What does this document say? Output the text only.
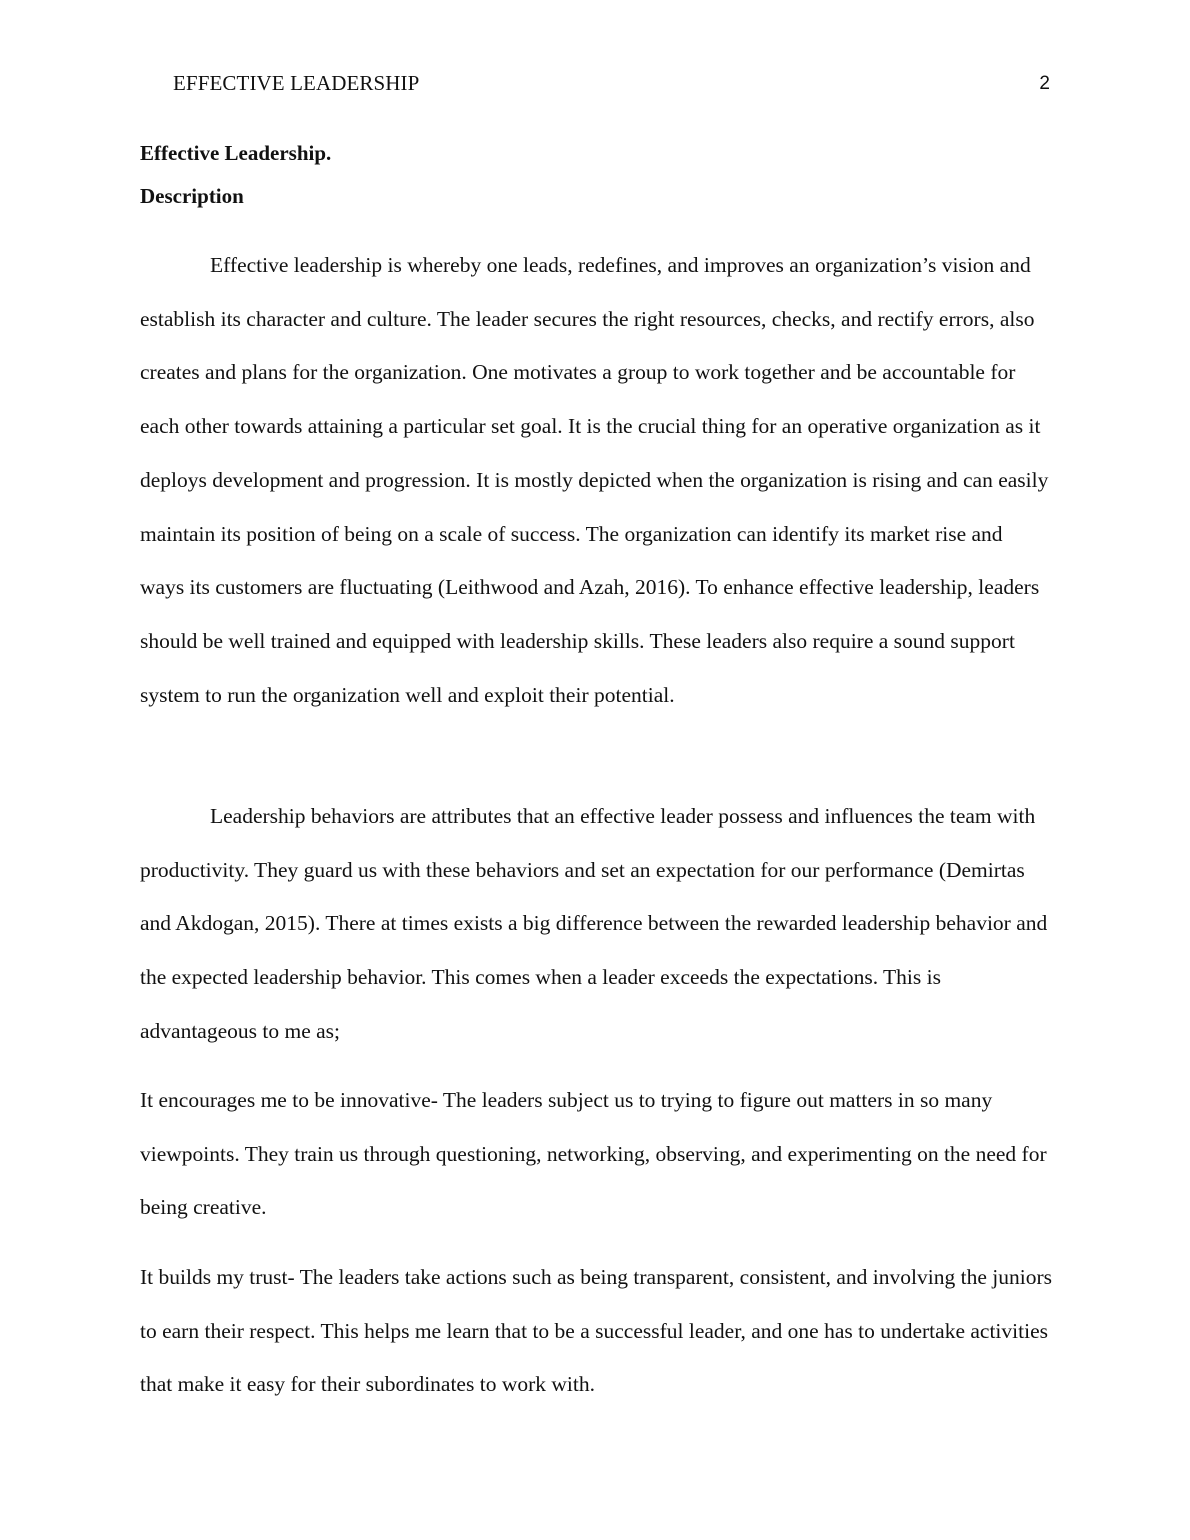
EFFECTIVE LEADERSHIP	2
Effective Leadership.
Description

Effective leadership is whereby one leads, redefines, and improves an organization’s vision and establish its character and culture. The leader secures the right resources, checks, and rectify errors, also creates and plans for the organization. One motivates a group to work together and be accountable for each other towards attaining a particular set goal. It is the crucial thing for an operative organization as it deploys development and progression. It is mostly depicted when the organization is rising and can easily maintain its position of being on a scale of success. The organization can identify its market rise and ways its customers are fluctuating (Leithwood and Azah, 2016). To enhance effective leadership, leaders should be well trained and equipped with leadership skills. These leaders also require a sound support system to run the organization well and exploit their potential.

Leadership behaviors are attributes that an effective leader possess and influences the team with productivity. They guard us with these behaviors and set an expectation for our performance (Demirtas and Akdogan, 2015). There at times exists a big difference between the rewarded leadership behavior and the expected leadership behavior. This comes when a leader exceeds the expectations. This is advantageous to me as;

It encourages me to be innovative- The leaders subject us to trying to figure out matters in so many viewpoints. They train us through questioning, networking, observing, and experimenting on the need for being creative.

It builds my trust- The leaders take actions such as being transparent, consistent, and involving the juniors to earn their respect. This helps me learn that to be a successful leader, and one has to undertake activities that make it easy for their subordinates to work with.
